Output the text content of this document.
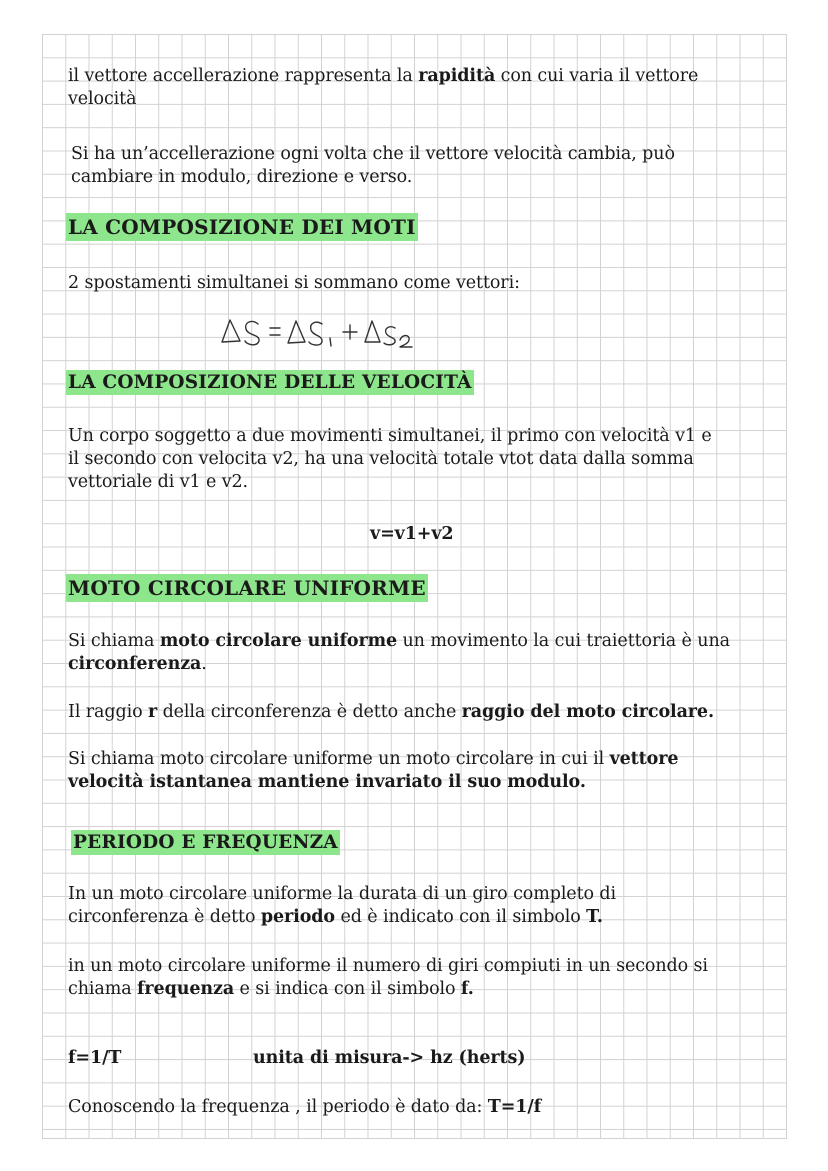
il vettore accellerazione rappresenta la rapidità con cui varia il vettore
velocità
Si ha un’accellerazione ogni volta che il vettore velocità cambia, può
cambiare in modulo, direzione e verso.
LA COMPOSIZIONE DEI MOTI
2 spostamenti simultanei si sommano come vettori:
LA COMPOSIZIONE DELLE VELOCITÀ
Un corpo soggetto a due movimenti simultanei, il primo con velocità v1 e
il secondo con velocita v2, ha una velocità totale vtot data dalla somma
vettoriale di v1 e v2.
v=v1+v2
MOTO CIRCOLARE UNIFORME
Si chiama moto circolare uniforme un movimento la cui traiettoria è una
circonferenza.
Il raggio r della circonferenza è detto anche raggio del moto circolare.
Si chiama moto circolare uniforme un moto circolare in cui il vettore
velocità istantanea mantiene invariato il suo modulo.
PERIODO E FREQUENZA
In un moto circolare uniforme la durata di un giro completo di
circonferenza è detto periodo ed è indicato con il simbolo T.
in un moto circolare uniforme il numero di giri compiuti in un secondo si
chiama frequenza e si indica con il simbolo f.
f=1/T	unita di misura-> hz (herts)
Conoscendo la frequenza , il periodo è dato da: T=1/f
